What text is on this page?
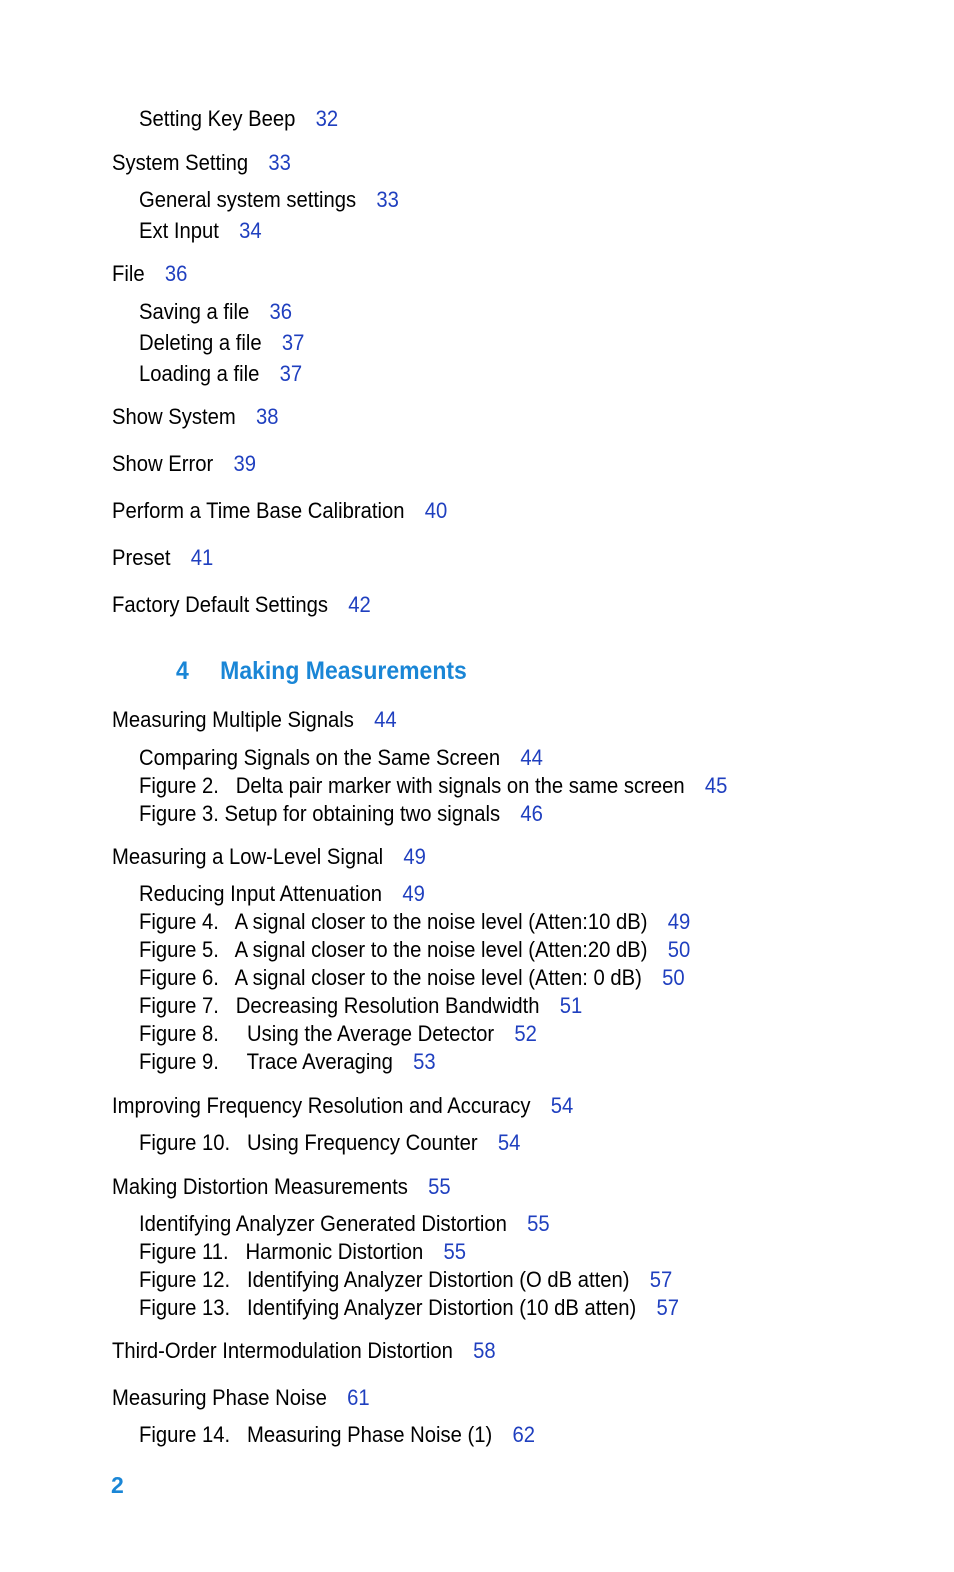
Setting Key Beep 32
System Setting 33
General system settings 33
Ext Input 34
File 36
Saving a file 36
Deleting a file 37
Loading a file 37
Show System 38
Show Error 39
Perform a Time Base Calibration 40
Preset 41
Factory Default Settings 42
4 Making Measurements
Measuring Multiple Signals 44
Comparing Signals on the Same Screen 44
Figure 2.   Delta pair marker with signals on the same screen 45
Figure 3. Setup for obtaining two signals 46
Measuring a Low-Level Signal 49
Reducing Input Attenuation 49
Figure 4.   A signal closer to the noise level (Atten:10 dB) 49
Figure 5.   A signal closer to the noise level (Atten:20 dB) 50
Figure 6.   A signal closer to the noise level (Atten: 0 dB) 50
Figure 7.   Decreasing Resolution Bandwidth 51
Figure 8.     Using the Average Detector 52
Figure 9.     Trace Averaging 53
Improving Frequency Resolution and Accuracy 54
Figure 10.   Using Frequency Counter 54
Making Distortion Measurements 55
Identifying Analyzer Generated Distortion 55
Figure 11.   Harmonic Distortion 55
Figure 12.   Identifying Analyzer Distortion (O dB atten) 57
Figure 13.   Identifying Analyzer Distortion (10 dB atten) 57
Third-Order Intermodulation Distortion 58
Measuring Phase Noise 61
Figure 14.   Measuring Phase Noise (1) 62
2
